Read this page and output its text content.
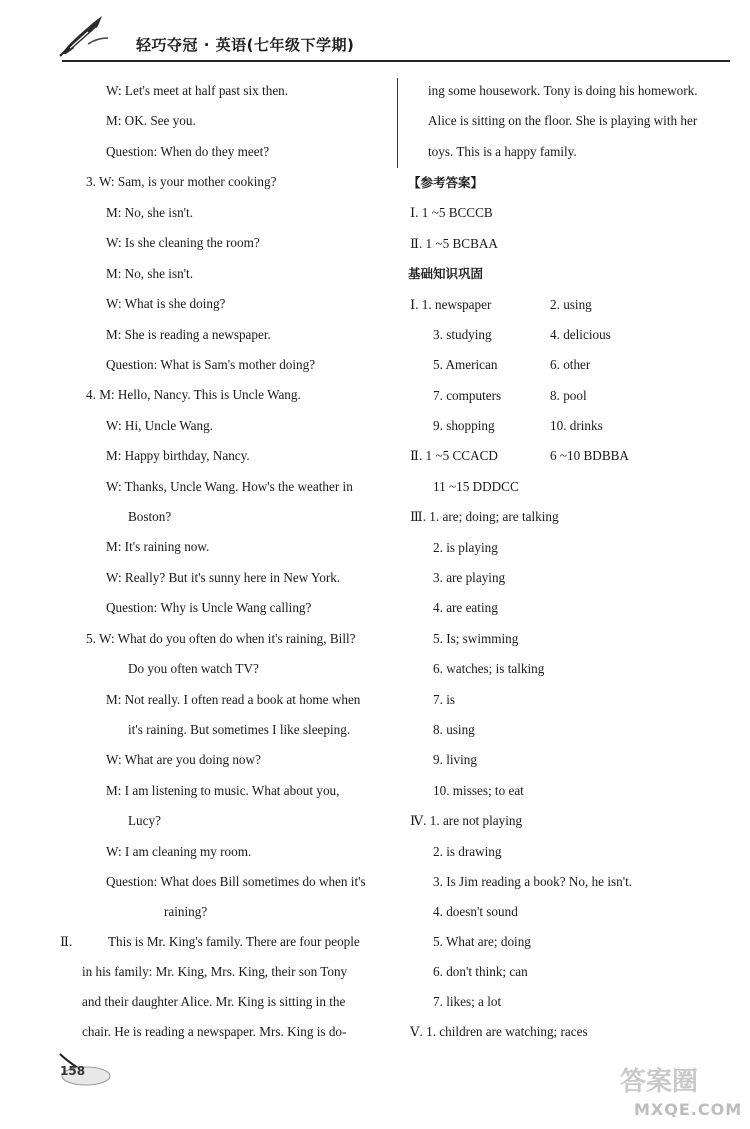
轻巧夺冠 · 英语(七年级下学期)
W: Let's meet at half past six then.
M: OK. See you.
Question: When do they meet?
3. W: Sam, is your mother cooking?
M: No, she isn't.
W: Is she cleaning the room?
M: No, she isn't.
W: What is she doing?
M: She is reading a newspaper.
Question: What is Sam's mother doing?
4. M: Hello, Nancy. This is Uncle Wang.
W: Hi, Uncle Wang.
M: Happy birthday, Nancy.
W: Thanks, Uncle Wang. How's the weather in
Boston?
M: It's raining now.
W: Really? But it's sunny here in New York.
Question: Why is Uncle Wang calling?
5. W: What do you often do when it's raining, Bill?
Do you often watch TV?
M: Not really. I often read a book at home when
it's raining. But sometimes I like sleeping.
W: What are you doing now?
M: I am listening to music. What about you,
Lucy?
W: I am cleaning my room.
Question: What does Bill sometimes do when it's
raining?
Ⅱ.	This is Mr. King's family. There are four people
in his family: Mr. King, Mrs. King, their son Tony
and their daughter Alice. Mr. King is sitting in the
chair. He is reading a newspaper. Mrs. King is do-
ing some housework. Tony is doing his homework.
Alice is sitting on the floor. She is playing with her
toys. This is a happy family.
【参考答案】
Ⅰ. 1 ~5 BCCCB
Ⅱ. 1 ~5 BCBAA
基础知识巩固
Ⅰ. 1. newspaper	2. using
3. studying	4. delicious
5. American	6. other
7. computers	8. pool
9. shopping	10. drinks
Ⅱ. 1 ~5 CCACD	6 ~10 BDBBA
11 ~15 DDDCC
Ⅲ. 1. are; doing; are talking
2. is playing
3. are playing
4. are eating
5. Is; swimming
6. watches; is talking
7. is
8. using
9. living
10. misses; to eat
Ⅳ. 1. are not playing
2. is drawing
3. Is Jim reading a book? No, he isn't.
4. doesn't sound
5. What are; doing
6. don't think; can
7. likes; a lot
Ⅴ. 1. children are watching; races
158	答案圈
MXQE.COM
